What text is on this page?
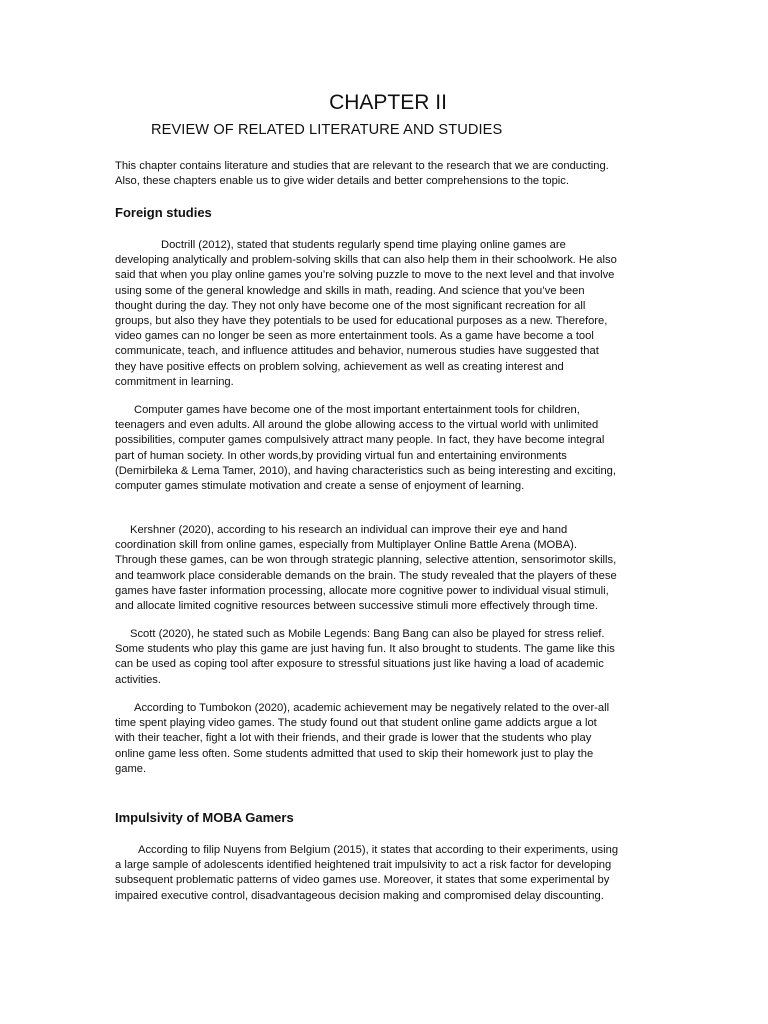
CHAPTER II
REVIEW OF RELATED LITERATURE AND STUDIES
This chapter contains literature and studies that are relevant to the research that we are conducting.
Also, these chapters enable us to give wider details and better comprehensions to the topic.
Foreign studies
Doctrill (2012), stated that students regularly spend time playing online games are
developing analytically and problem-solving skills that can also help them in their schoolwork. He also
said that when you play online games you’re solving puzzle to move to the next level and that involve
using some of the general knowledge and skills in math, reading. And science that you’ve been
thought during the day. They not only have become one of the most significant recreation for all
groups, but also they have they potentials to be used for educational purposes as a new. Therefore,
video games can no longer be seen as more entertainment tools. As a game have become a tool
communicate, teach, and influence attitudes and behavior, numerous studies have suggested that
they have positive effects on problem solving, achievement as well as creating interest and
commitment in learning.
Computer games have become one of the most important entertainment tools for children,
teenagers and even adults. All around the globe allowing access to the virtual world with unlimited
possibilities, computer games compulsively attract many people. In fact, they have become integral
part of human society. In other words,by providing virtual fun and entertaining environments
(Demirbileka & Lema Tamer, 2010), and having characteristics such as being interesting and exciting,
computer games stimulate motivation and create a sense of enjoyment of learning.
Kershner (2020), according to his research an individual can improve their eye and hand
coordination skill from online games, especially from Multiplayer Online Battle Arena (MOBA).
Through these games, can be won through strategic planning, selective attention, sensorimotor skills,
and teamwork place considerable demands on the brain. The study revealed that the players of these
games have faster information processing, allocate more cognitive power to individual visual stimuli,
and allocate limited cognitive resources between successive stimuli more effectively through time.
Scott (2020), he stated such as Mobile Legends: Bang Bang can also be played for stress relief.
Some students who play this game are just having fun. It also brought to students. The game like this
can be used as coping tool after exposure to stressful situations just like having a load of academic
activities.
According to Tumbokon (2020), academic achievement may be negatively related to the over-all
time spent playing video games. The study found out that student online game addicts argue a lot
with their teacher, fight a lot with their friends, and their grade is lower that the students who play
online game less often. Some students admitted that used to skip their homework just to play the
game.
Impulsivity of MOBA Gamers
According to filip Nuyens from Belgium (2015), it states that according to their experiments, using
a large sample of adolescents identified heightened trait impulsivity to act a risk factor for developing
subsequent problematic patterns of video games use. Moreover, it states that some experimental by
impaired executive control, disadvantageous decision making and compromised delay discounting.
